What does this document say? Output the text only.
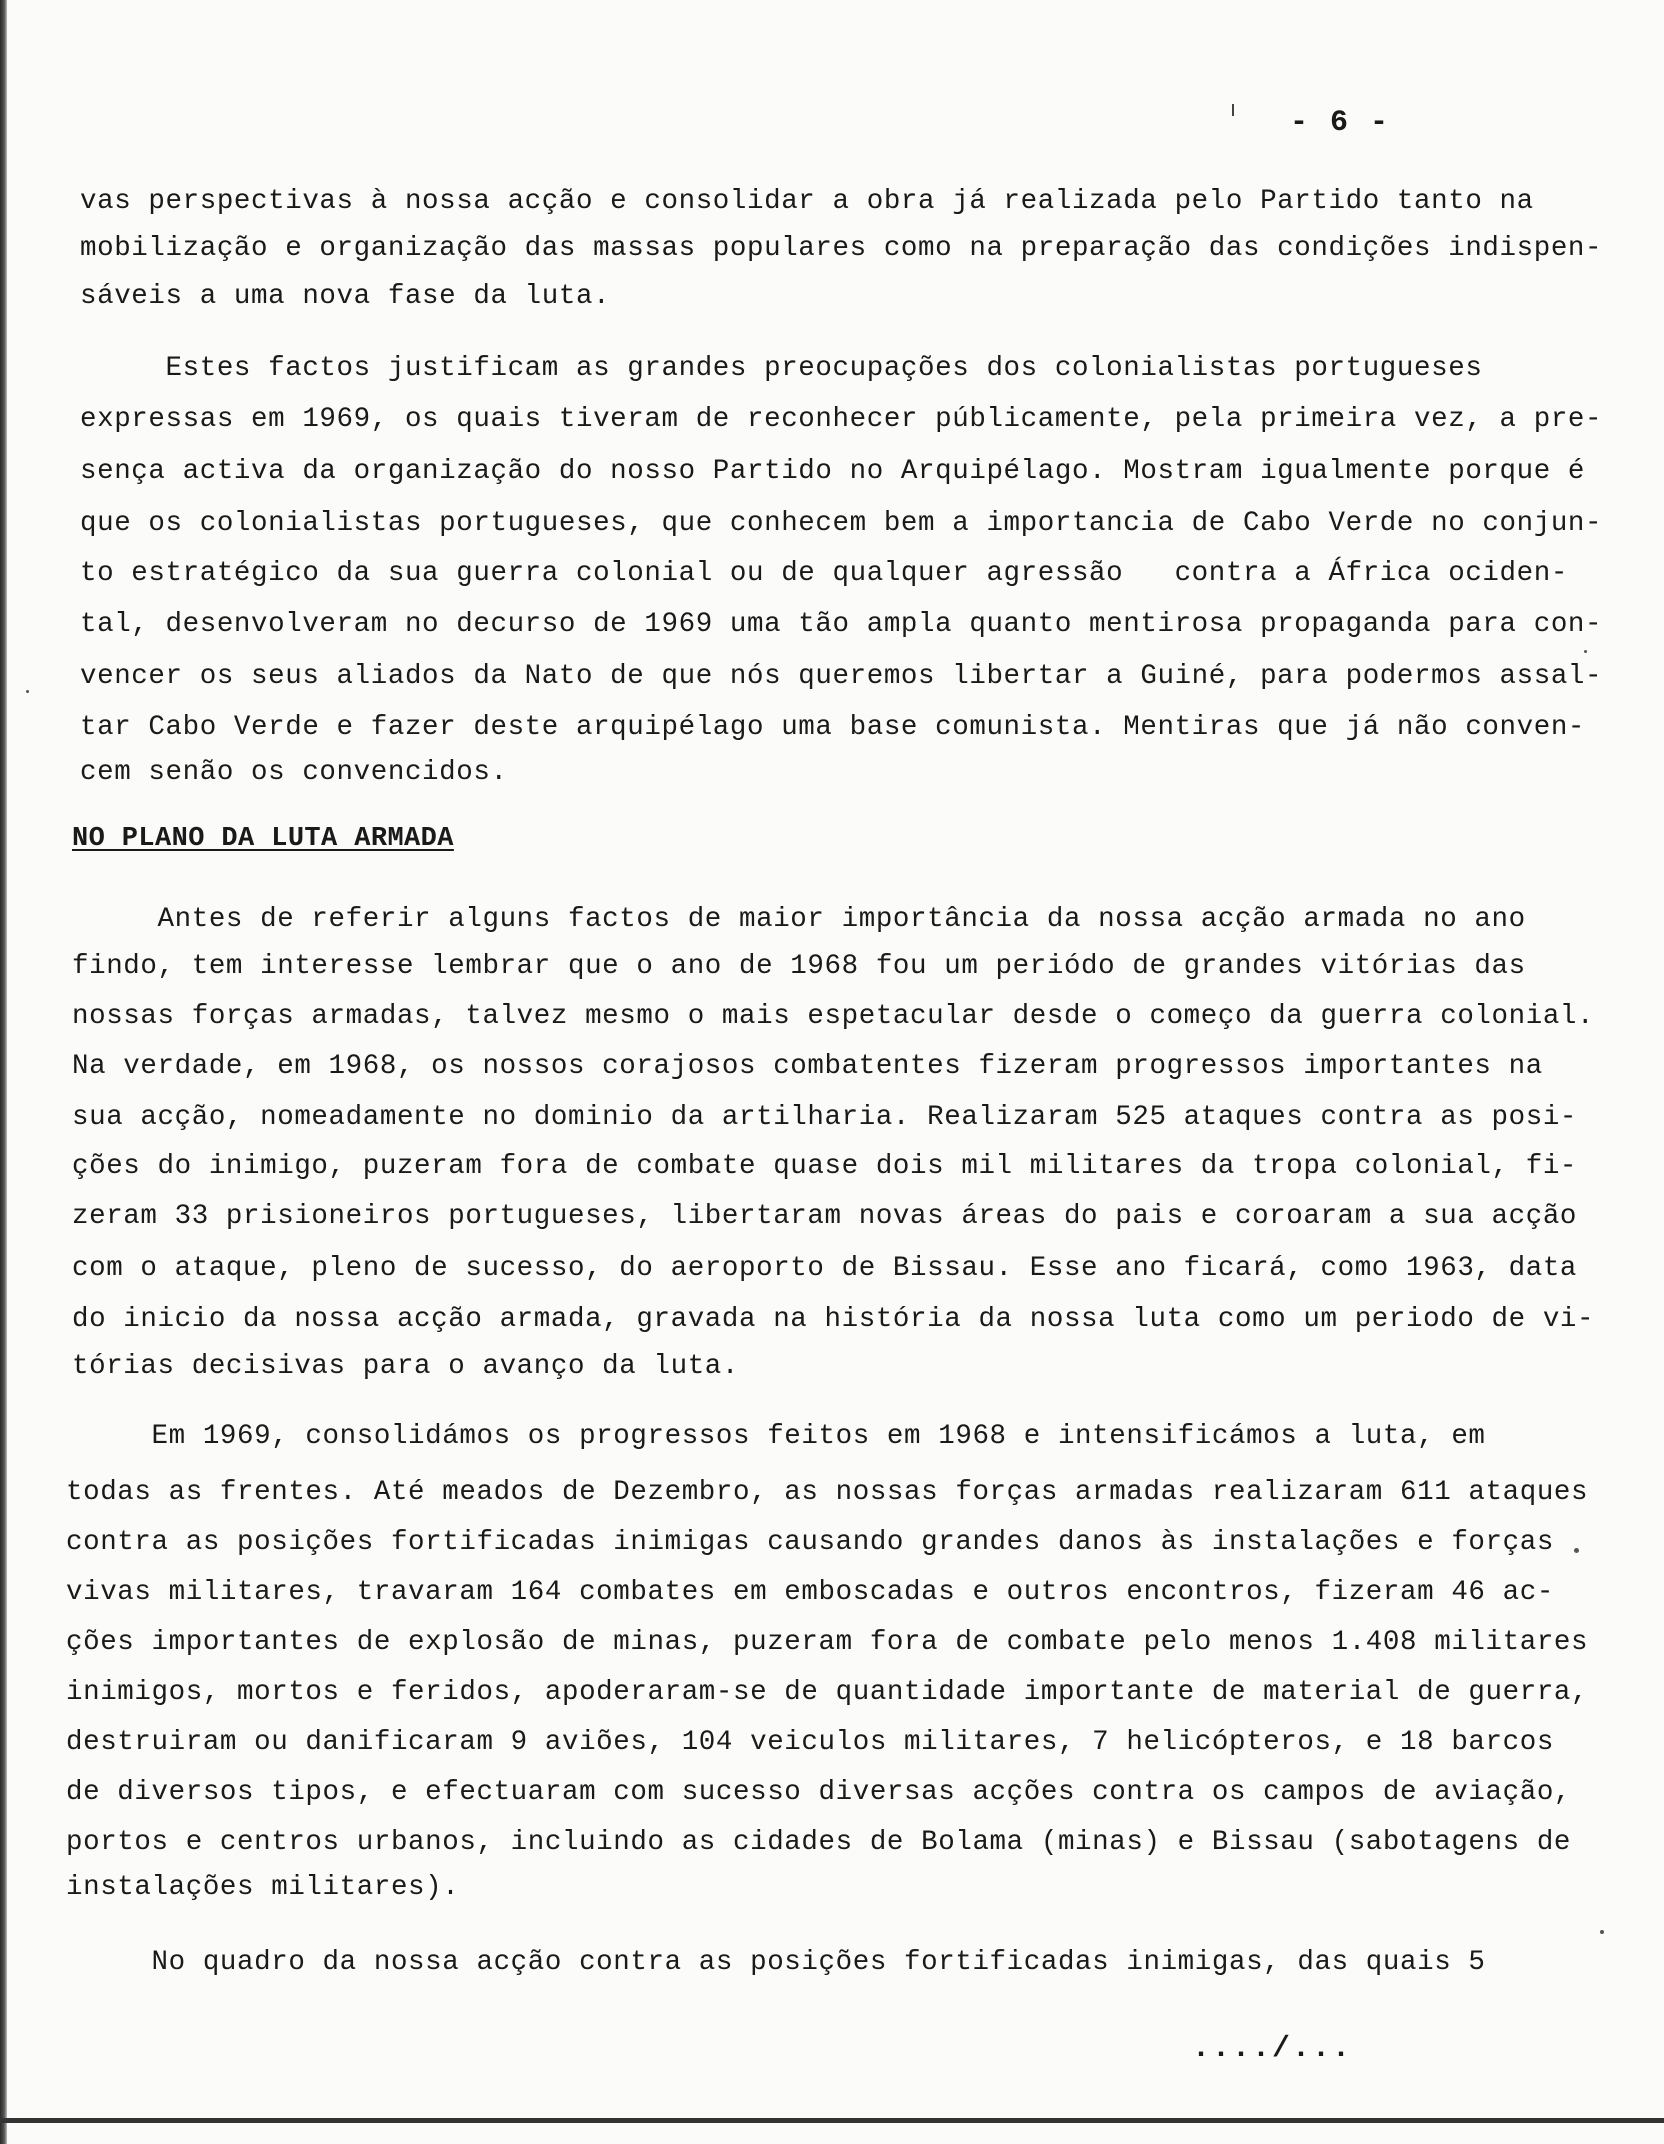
- 6 -
vas perspectivas à nossa acção e consolidar a obra já realizada pelo Partido tanto na
mobilização e organização das massas populares como na preparação das condições indispen-
sáveis a uma nova fase da luta.
Estes factos justificam as grandes preocupações dos colonialistas portugueses
expressas em 1969, os quais tiveram de reconhecer públicamente, pela primeira vez, a pre-
sença activa da organização do nosso Partido no Arquipélago. Mostram igualmente porque é
que os colonialistas portugueses, que conhecem bem a importancia de Cabo Verde no conjun-
to estratégico da sua guerra colonial ou de qualquer agressão   contra a África ociden-
tal, desenvolveram no decurso de 1969 uma tão ampla quanto mentirosa propaganda para con-
vencer os seus aliados da Nato de que nós queremos libertar a Guiné, para podermos assal-
tar Cabo Verde e fazer deste arquipélago uma base comunista. Mentiras que já não conven-
cem senão os convencidos.
NO PLANO DA LUTA ARMADA
Antes de referir alguns factos de maior importância da nossa acção armada no ano
findo, tem interesse lembrar que o ano de 1968 fou um periódo de grandes vitórias das
nossas forças armadas, talvez mesmo o mais espetacular desde o começo da guerra colonial.
Na verdade, em 1968, os nossos corajosos combatentes fizeram progressos importantes na
sua acção, nomeadamente no dominio da artilharia. Realizaram 525 ataques contra as posi-
ções do inimigo, puzeram fora de combate quase dois mil militares da tropa colonial, fi-
zeram 33 prisioneiros portugueses, libertaram novas áreas do pais e coroaram a sua acção
com o ataque, pleno de sucesso, do aeroporto de Bissau. Esse ano ficará, como 1963, data
do inicio da nossa acção armada, gravada na história da nossa luta como um periodo de vi-
tórias decisivas para o avanço da luta.
Em 1969, consolidámos os progressos feitos em 1968 e intensificámos a luta, em
todas as frentes. Até meados de Dezembro, as nossas forças armadas realizaram 611 ataques
contra as posições fortificadas inimigas causando grandes danos às instalações e forças
vivas militares, travaram 164 combates em emboscadas e outros encontros, fizeram 46 ac-
ções importantes de explosão de minas, puzeram fora de combate pelo menos 1.408 militares
inimigos, mortos e feridos, apoderaram-se de quantidade importante de material de guerra,
destruiram ou danificaram 9 aviões, 104 veiculos militares, 7 helicópteros, e 18 barcos
de diversos tipos, e efectuaram com sucesso diversas acções contra os campos de aviação,
portos e centros urbanos, incluindo as cidades de Bolama (minas) e Bissau (sabotagens de
instalações militares).
No quadro da nossa acção contra as posições fortificadas inimigas, das quais 5
..../...
